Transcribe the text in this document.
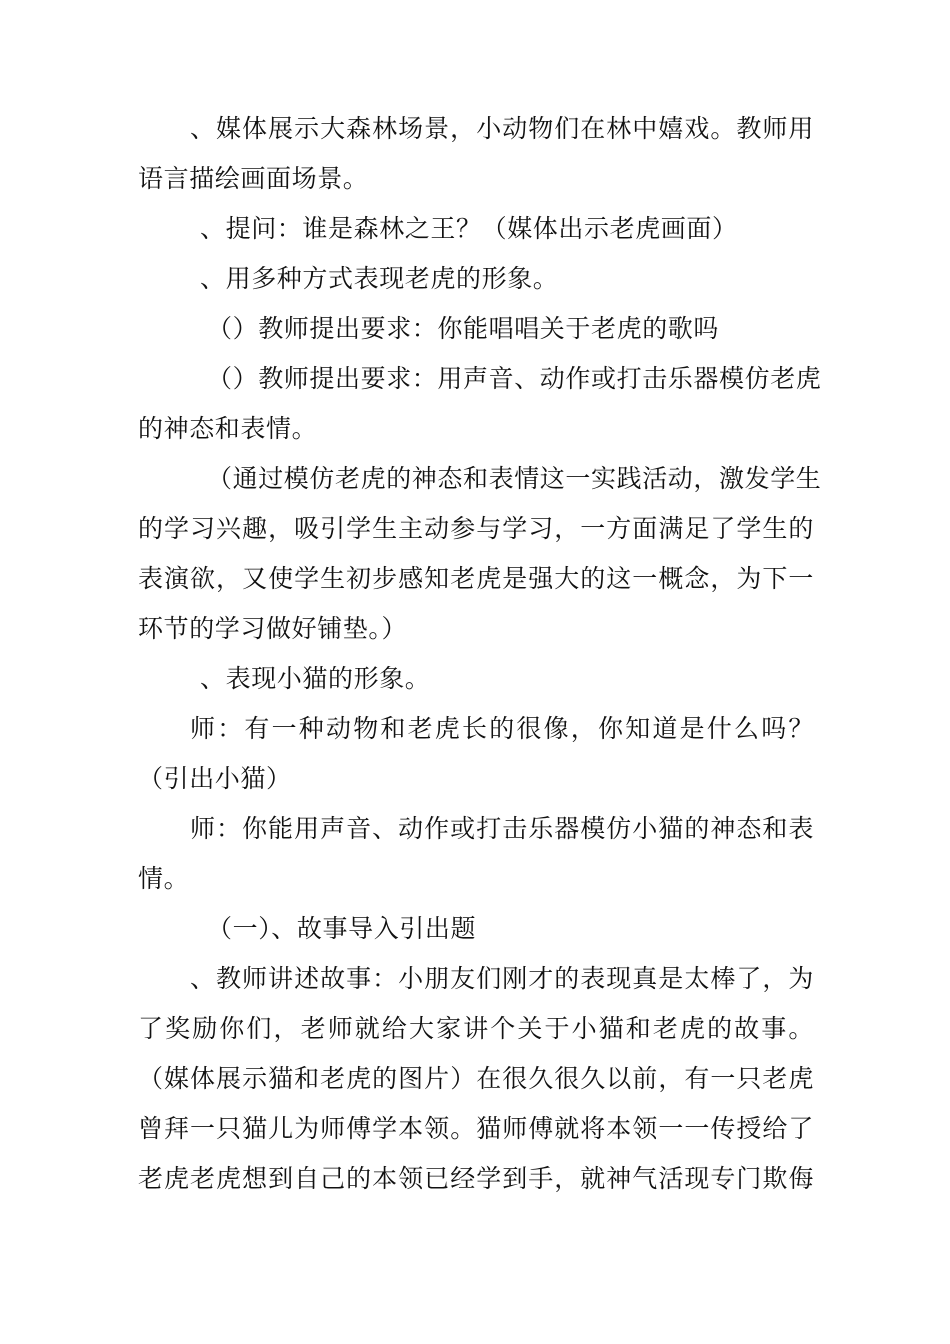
、媒体展示大森林场景，小动物们在林中嬉戏。教师用
语言描绘画面场景。
、提问：谁是森林之王？（媒体出示老虎画面）
、用多种方式表现老虎的形象。
（）教师提出要求：你能唱唱关于老虎的歌吗
（）教师提出要求：用声音、动作或打击乐器模仿老虎
的神态和表情。
（通过模仿老虎的神态和表情这一实践活动，激发学生
的学习兴趣，吸引学生主动参与学习，一方面满足了学生的
表演欲，又使学生初步感知老虎是强大的这一概念，为下一
环节的学习做好铺垫。）
、表现小猫的形象。
师：有一种动物和老虎长的很像，你知道是什么吗？
（引出小猫）
师：你能用声音、动作或打击乐器模仿小猫的神态和表
情。
（一）、故事导入引出题
、教师讲述故事：小朋友们刚才的表现真是太棒了，为
了奖励你们，老师就给大家讲个关于小猫和老虎的故事。
（媒体展示猫和老虎的图片）在很久很久以前，有一只老虎
曾拜一只猫儿为师傅学本领。猫师傅就将本领一一传授给了
老虎老虎想到自己的本领已经学到手，就神气活现专门欺侮
